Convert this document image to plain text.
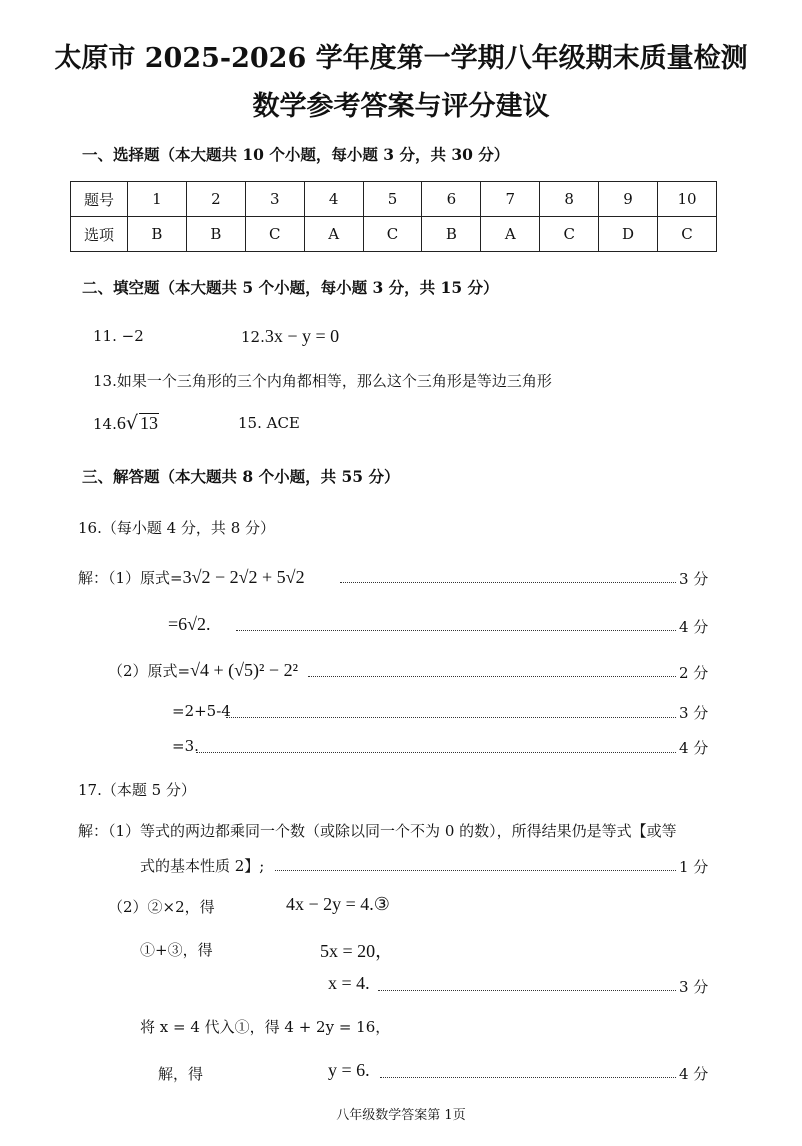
太原市 2025-2026 学年度第一学期八年级期末质量检测
数学参考答案与评分建议
一、选择题（本大题共 10 个小题，每小题 3 分，共 30 分）
题号	1	2	3	4	5	6	7	8	9	10
选项	B	B	C	A	C	B	A	C	D	C
二、填空题（本大题共 5 个小题，每小题 3 分，共 15 分）
11. −2	12.3x − y = 0
13.如果一个三角形的三个内角都相等，那么这个三角形是等边三角形
14.6√ 13	15. ACE
三、解答题（本大题共 8 个小题，共 55 分）
16.（每小题 4 分，共 8 分）
解：（1）原式=3√2 − 2√2 + 5√2	3 分
=6√2.	4 分
（2）原式=√4 + (√5)² − 2²	2 分
=2+5-4	3 分
=3.	4 分
17.（本题 5 分）
解：（1）等式的两边都乘同一个数（或除以同一个不为 0 的数），所得结果仍是等式【或等
式的基本性质 2】;	1 分
（2）②×2，得	4x − 2y = 4.③
①+③，得	5x = 20，
x = 4.	3 分
将 x = 4 代入①，得 4 + 2y = 16，
解，得	y = 6.	4 分
八年级数学答案第 1页
